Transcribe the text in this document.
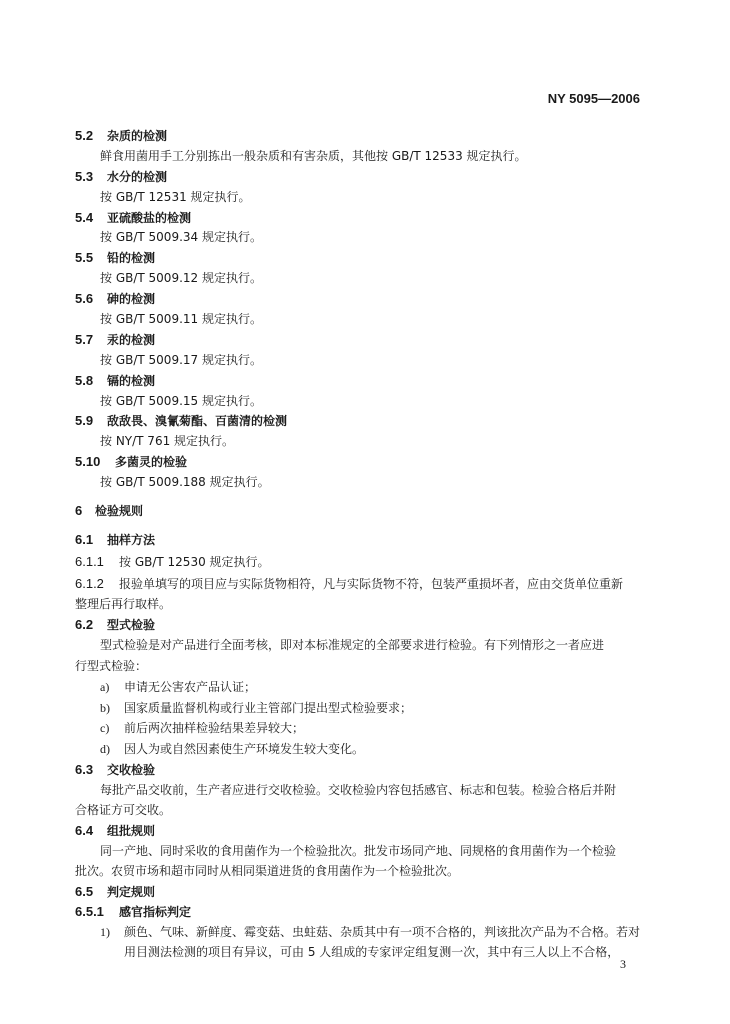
NY 5095—2006
5.2 杂质的检测
鲜食用菌用手工分别拣出一般杂质和有害杂质，其他按 GB/T 12533 规定执行。
5.3 水分的检测
按 GB/T 12531 规定执行。
5.4 亚硫酸盐的检测
按 GB/T 5009.34 规定执行。
5.5 铅的检测
按 GB/T 5009.12 规定执行。
5.6 砷的检测
按 GB/T 5009.11 规定执行。
5.7 汞的检测
按 GB/T 5009.17 规定执行。
5.8 镉的检测
按 GB/T 5009.15 规定执行。
5.9 敌敌畏、溴氰菊酯、百菌清的检测
按 NY/T 761 规定执行。
5.10 多菌灵的检验
按 GB/T 5009.188 规定执行。
6 检验规则
6.1 抽样方法
6.1.1 按 GB/T 12530 规定执行。
6.1.2 报验单填写的项目应与实际货物相符，凡与实际货物不符，包装严重损坏者，应由交货单位重新
整理后再行取样。
6.2 型式检验
型式检验是对产品进行全面考核，即对本标准规定的全部要求进行检验。有下列情形之一者应进
行型式检验：
a) 申请无公害农产品认证；
b) 国家质量监督机构或行业主管部门提出型式检验要求；
c) 前后两次抽样检验结果差异较大；
d) 因人为或自然因素使生产环境发生较大变化。
6.3 交收检验
每批产品交收前，生产者应进行交收检验。交收检验内容包括感官、标志和包装。检验合格后并附
合格证方可交收。
6.4 组批规则
同一产地、同时采收的食用菌作为一个检验批次。批发市场同产地、同规格的食用菌作为一个检验
批次。农贸市场和超市同时从相同渠道进货的食用菌作为一个检验批次。
6.5 判定规则
6.5.1 感官指标判定
1) 颜色、气味、新鲜度、霉变菇、虫蛀菇、杂质其中有一项不合格的，判该批次产品为不合格。若对
用目测法检测的项目有异议，可由 5 人组成的专家评定组复测一次，其中有三人以上不合格，
3
